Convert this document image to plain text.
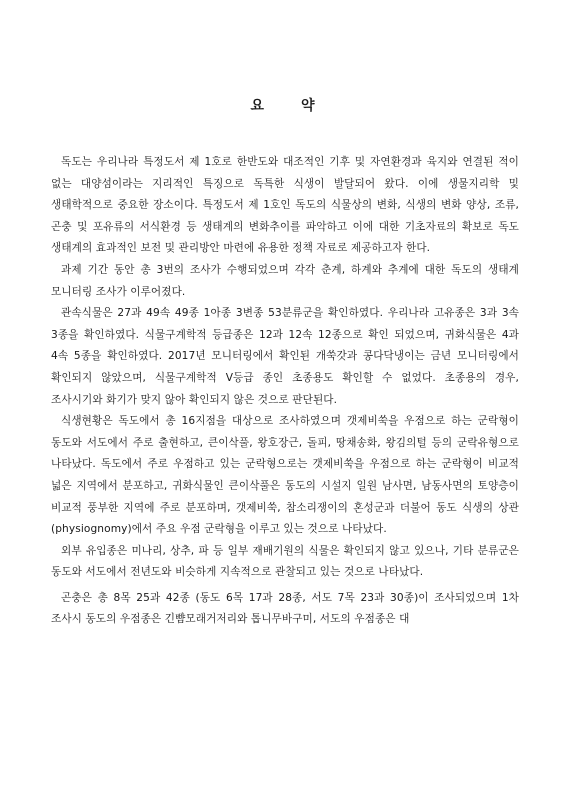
요	약

독도는 우리나라 특정도서 제 1호로 한반도와 대조적인 기후 및 자연환경과 육지와 연결된 적이 없는 대양섬이라는 지리적인 특징으로 독특한 식생이 발달되어 왔다. 이에 생물지리학 및 생태학적으로 중요한 장소이다. 특정도서 제 1호인 독도의 식물상의 변화, 식생의 변화 양상, 조류, 곤충 및 포유류의 서식환경 등 생태계의 변화추이를 파악하고 이에 대한 기초자료의 확보로 독도 생태계의 효과적인 보전 및 관리방안 마련에 유용한 정책 자료로 제공하고자 한다.

과제 기간 동안 총 3번의 조사가 수행되었으며 각각 춘계, 하계와 추계에 대한 독도의 생태계 모니터링 조사가 이루어졌다.

관속식물은 27과 49속 49종 1아종 3변종 53분류군을 확인하였다. 우리나라 고유종은 3과 3속 3종을 확인하였다. 식물구계학적 등급종은 12과 12속 12종으로 확인 되었으며, 귀화식물은 4과 4속 5종을 확인하였다. 2017년 모니터링에서 확인된 개쑥갓과 콩다닥냉이는 금년 모니터링에서 확인되지 않았으며, 식물구계학적 V등급 종인 초종용도 확인할 수 없었다. 초종용의 경우, 조사시기와 화기가 맞지 않아 확인되지 않은 것으로 판단된다.

식생현황은 독도에서 총 16지점을 대상으로 조사하였으며 갯제비쑥을 우점으로 하는 군락형이 동도와 서도에서 주로 출현하고, 큰이삭풀, 왕호장근, 돌피, 땅채송화, 왕김의털 등의 군락유형으로 나타났다. 독도에서 주로 우점하고 있는 군락형으로는 갯제비쑥을 우점으로 하는 군락형이 비교적 넓은 지역에서 분포하고, 귀화식물인 큰이삭풀은 동도의 시설지 일원 남사면, 남동사면의 토양층이 비교적 풍부한 지역에 주로 분포하며, 갯제비쑥, 참소리쟁이의 혼성군과 더불어 동도 식생의 상관(physiognomy)에서 주요 우점 군락형을 이루고 있는 것으로 나타났다.

외부 유입종은 미나리, 상추, 파 등 일부 재배기원의 식물은 확인되지 않고 있으나, 기타 분류군은 동도와 서도에서 전년도와 비슷하게 지속적으로 관찰되고 있는 것으로 나타났다.

곤충은 총 8목 25과 42종 (동도 6목 17과 28종, 서도 7목 23과 30종)이 조사되었으며 1차 조사시 동도의 우점종은 긴뺨모래거저리와 톱니무바구미, 서도의 우점종은 대
